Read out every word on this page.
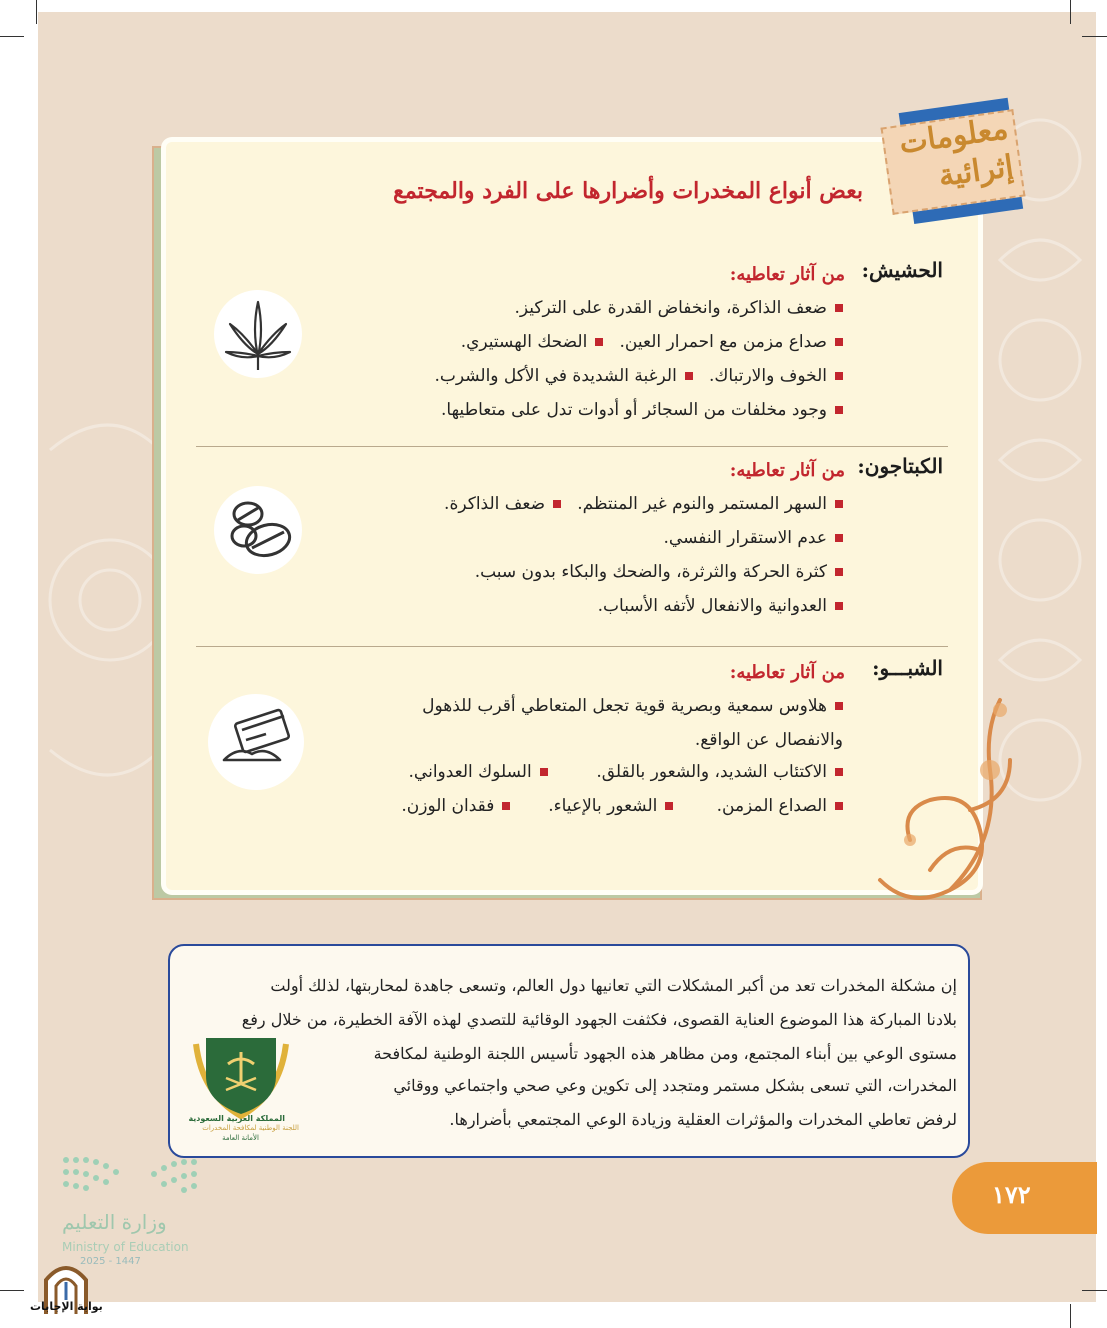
معلومات
إثرائية
بعض أنواع المخدرات وأضرارها على الفرد والمجتمع
الحشيش:
من آثار تعاطيه:
ضعف الذاكرة، وانخفاض القدرة على التركيز.
صداع مزمن مع احمرار العين.   الضحك الهستيري.
الخوف والارتباك.   الرغبة الشديدة في الأكل والشرب.
وجود مخلفات من السجائر أو أدوات تدل على متعاطيها.
الكبتاجون:
من آثار تعاطيه:
السهر المستمر والنوم غير المنتظم.   ضعف الذاكرة.
عدم الاستقرار النفسي.
كثرة الحركة والثرثرة، والضحك والبكاء بدون سبب.
العدوانية والانفعال لأتفه الأسباب.
الشبـــو:
من آثار تعاطيه:
هلاوس سمعية وبصرية قوية تجعل المتعاطي أقرب للذهول
والانفصال عن الواقع.
الاكتئاب الشديد، والشعور بالقلق.         السلوك العدواني.
الصداع المزمن.        الشعور بالإعياء.       فقدان الوزن.
إن مشكلة المخدرات تعد من أكبر المشكلات التي تعانيها دول العالم، وتسعى جاهدة لمحاربتها، لذلك أولت
بلادنا المباركة هذا الموضوع العناية القصوى، فكثفت الجهود الوقائية للتصدي لهذه الآفة الخطيرة، من خلال رفع
مستوى الوعي بين أبناء المجتمع، ومن مظاهر هذه الجهود تأسيس اللجنة الوطنية لمكافحة
المخدرات، التي تسعى بشكل مستمر ومتجدد إلى تكوين وعي صحي واجتماعي ووقائي
لرفض تعاطي المخدرات والمؤثرات العقلية وزيادة الوعي المجتمعي بأضرارها.
المملكة العربية السعودية
اللجنة الوطنية لمكافحة المخدرات
الأمانة العامة
١٧٢
وزارة التعليم
Ministry of Education
2025 - 1447
بوابة الإجابات
